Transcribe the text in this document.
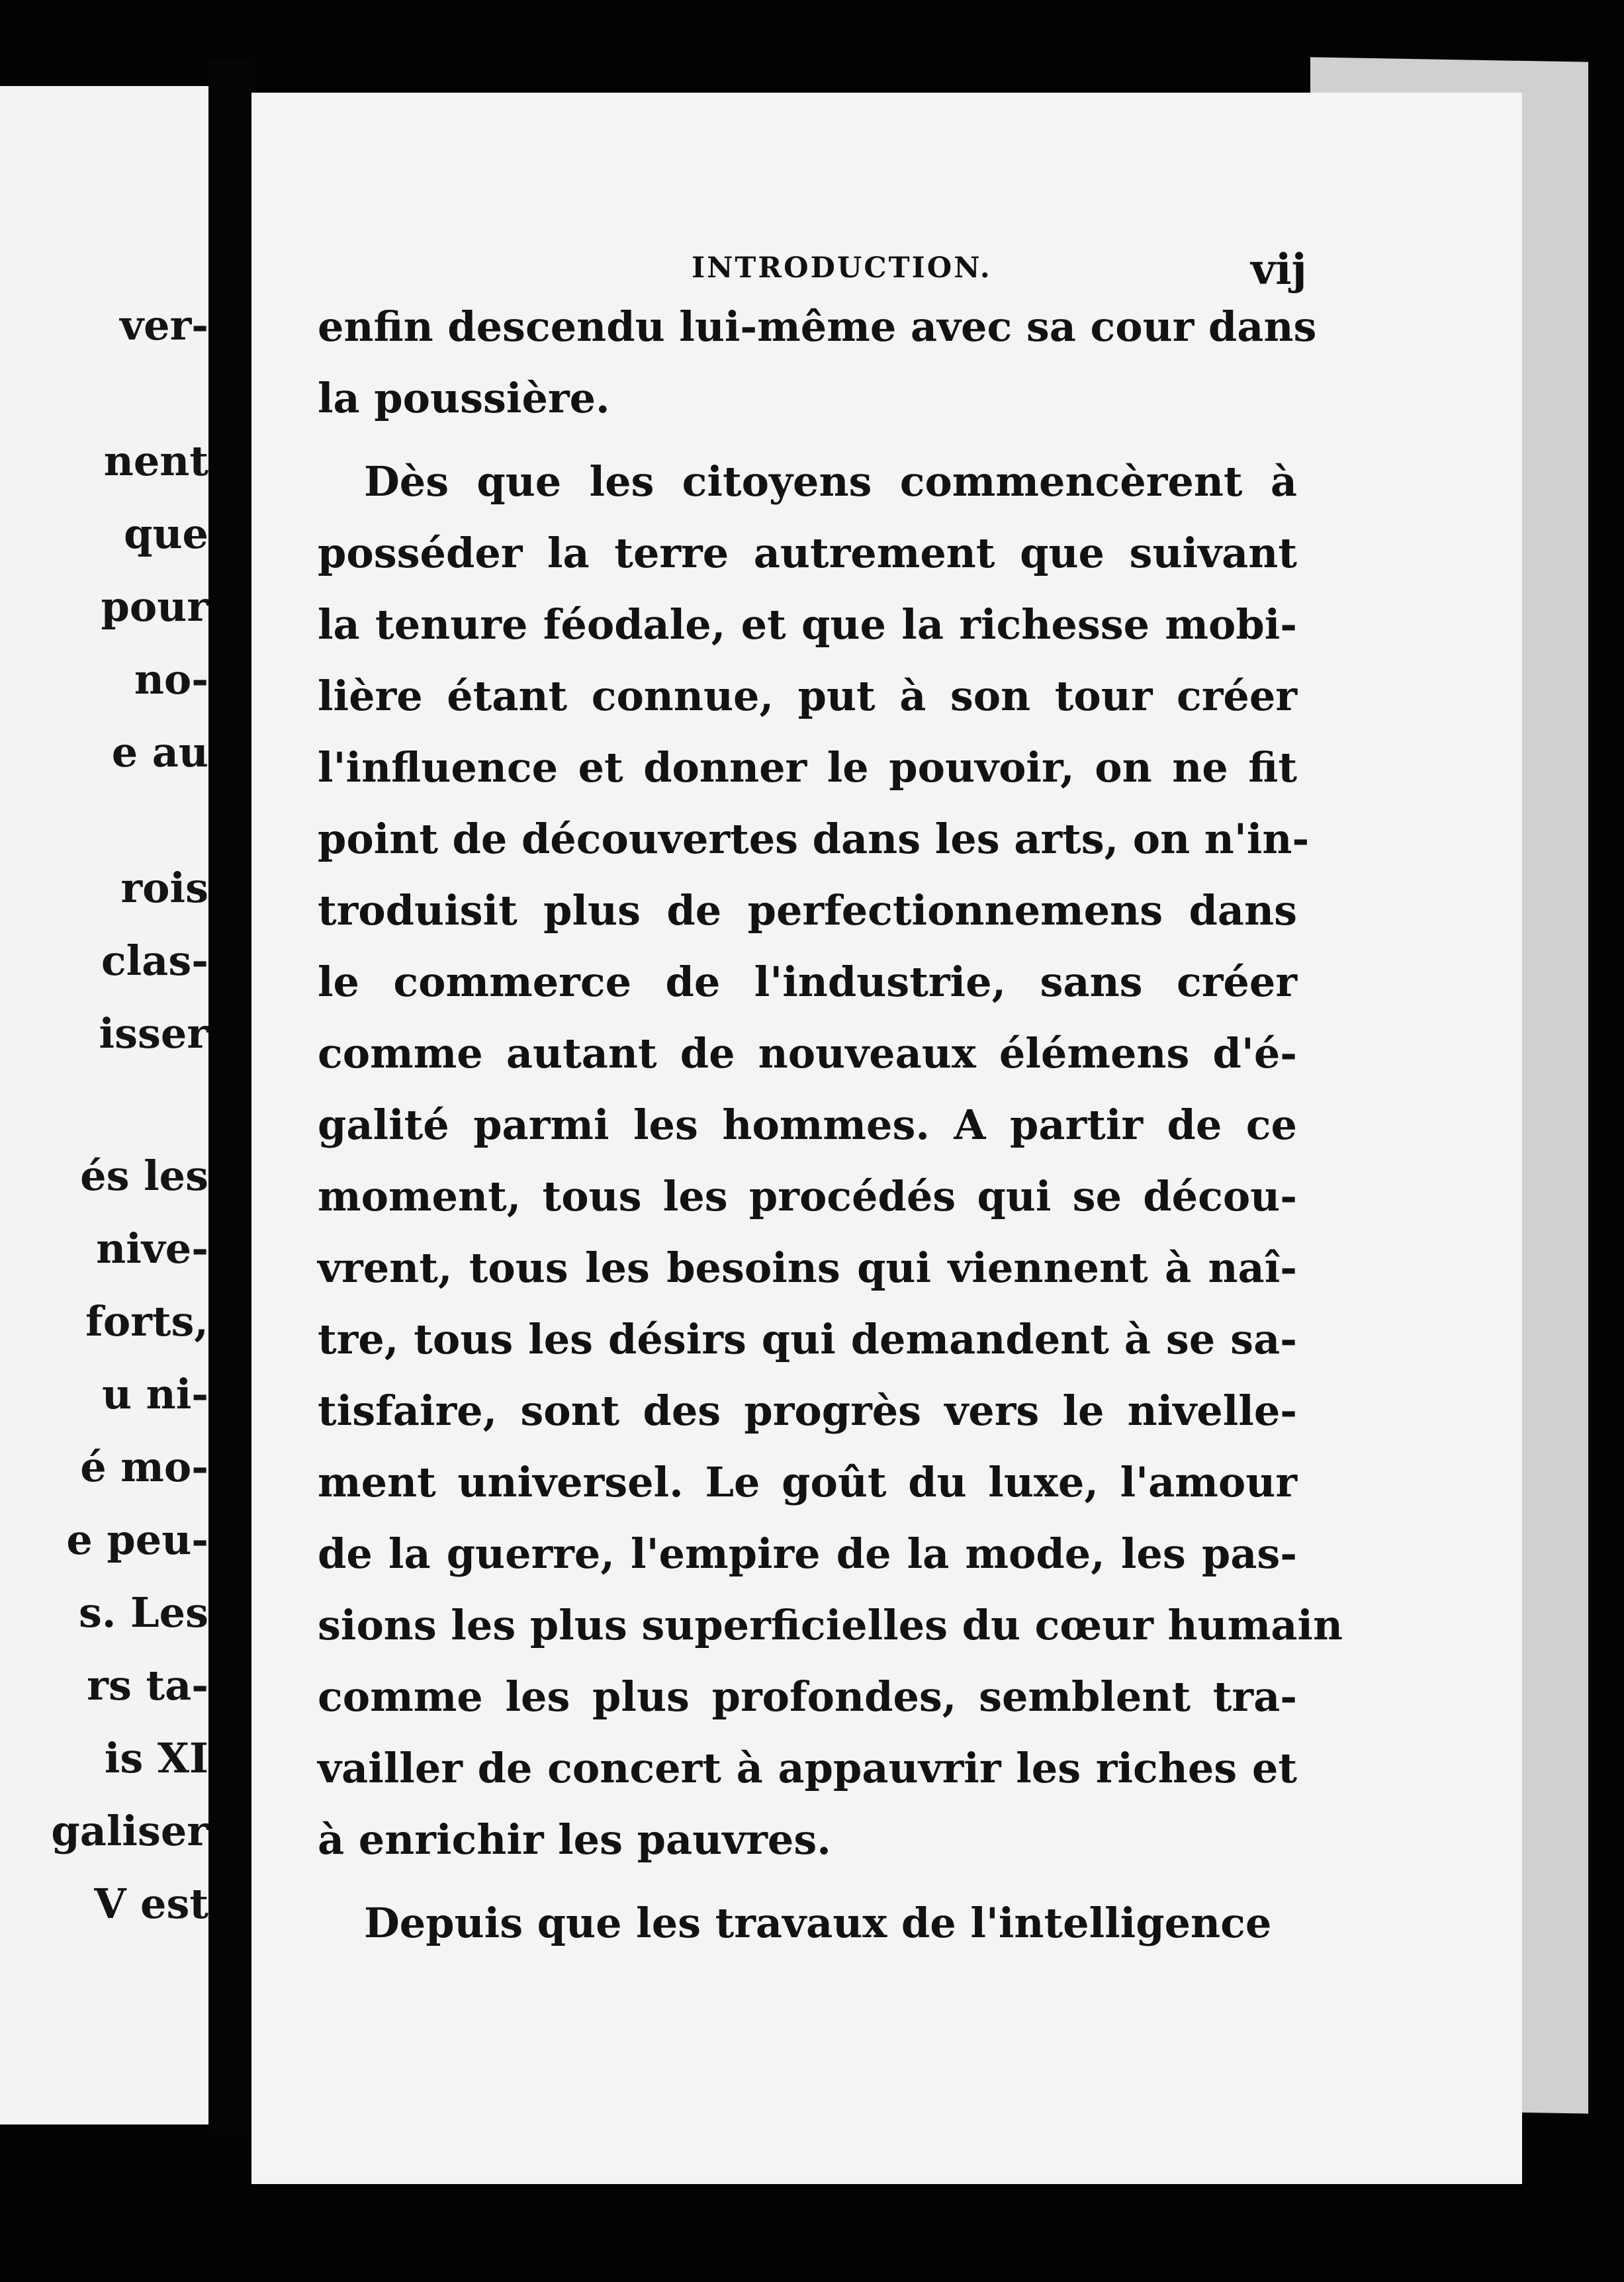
ver-
nent
que
pour
no-
e au
rois
clas-
isser
és les
nive-
forts,
u ni-
é mo-
e peu-
s. Les
rs ta-
is XI
galiser
V est
INTRODUCTION.	vij
enfin descendu lui-même avec sa cour dans
la poussière.
Dès que les citoyens commencèrent à
posséder la terre autrement que suivant
la tenure féodale, et que la richesse mobi-
lière étant connue, put à son tour créer
l'influence et donner le pouvoir, on ne fit
point de découvertes dans les arts, on n'in-
troduisit plus de perfectionnemens dans
le commerce de l'industrie, sans créer
comme autant de nouveaux élémens d'é-
galité parmi les hommes. A partir de ce
moment, tous les procédés qui se décou-
vrent, tous les besoins qui viennent à naî-
tre, tous les désirs qui demandent à se sa-
tisfaire, sont des progrès vers le nivelle-
ment universel. Le goût du luxe, l'amour
de la guerre, l'empire de la mode, les pas-
sions les plus superficielles du cœur humain
comme les plus profondes, semblent tra-
vailler de concert à appauvrir les riches et
à enrichir les pauvres.
Depuis que les travaux de l'intelligence
